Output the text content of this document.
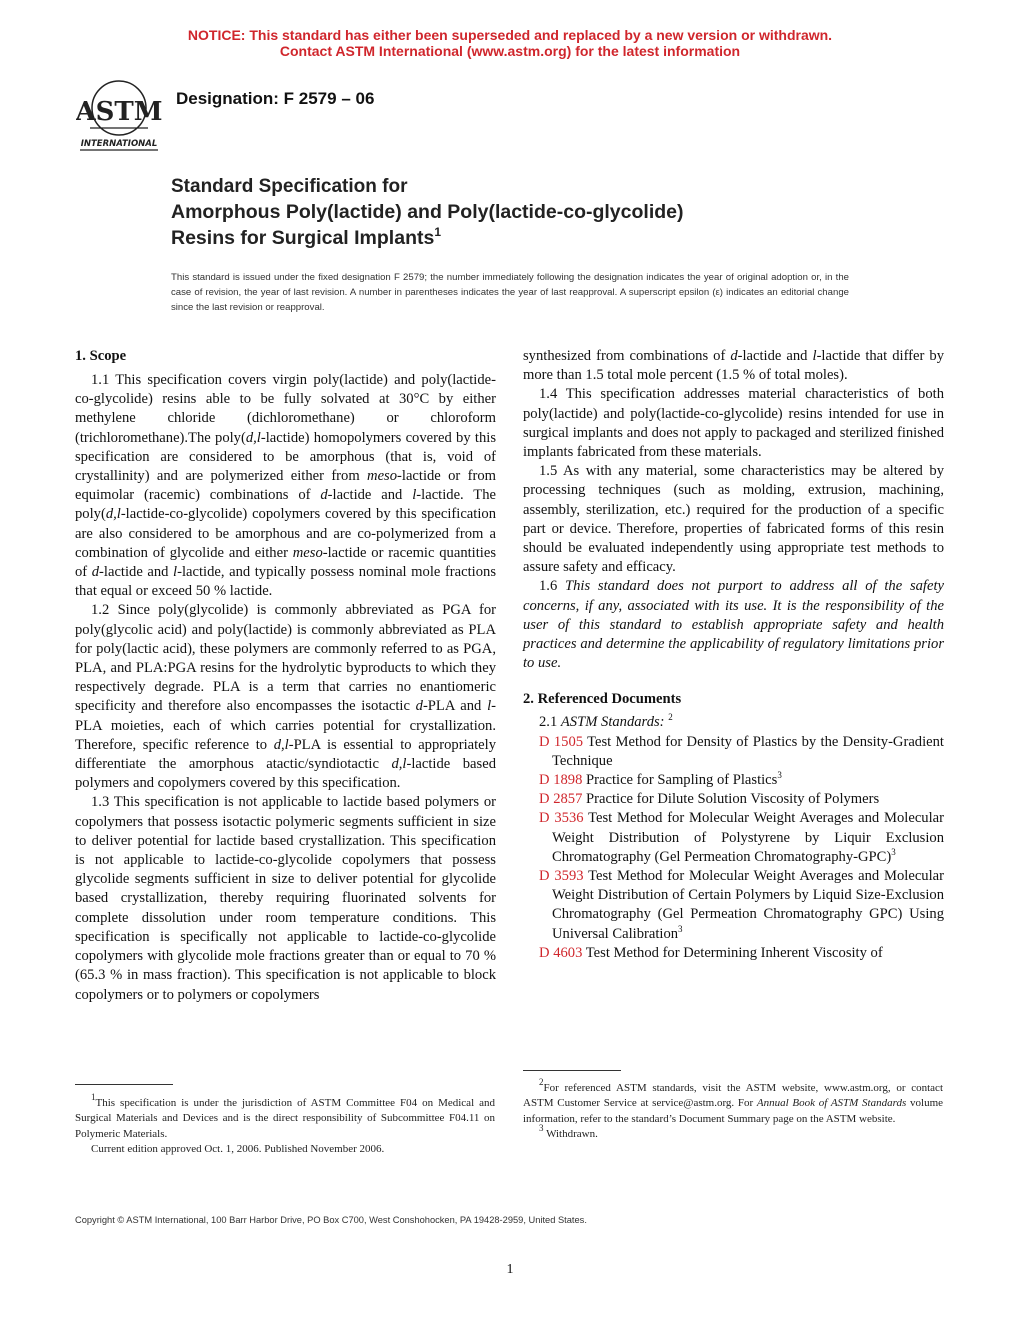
NOTICE: This standard has either been superseded and replaced by a new version or withdrawn.
Contact ASTM International (www.astm.org) for the latest information
ASTM
INTERNATIONAL
Designation: F 2579 – 06
Standard Specification for
Amorphous Poly(lactide) and Poly(lactide-co-glycolide)
Resins for Surgical Implants$^1$
This standard is issued under the fixed designation F 2579; the number immediately following the designation indicates the year of original adoption or, in the case of revision, the year of last revision. A number in parentheses indicates the year of last reapproval. A superscript epsilon (ε) indicates an editorial change since the last revision or reapproval.
1. Scope

1.1 This specification covers virgin poly(lactide) and poly(lactide-co-glycolide) resins able to be fully solvated at 30°C by either methylene chloride (dichloromethane) or chloroform (trichloromethane).The poly(d,l-lactide) homopolymers covered by this specification are considered to be amorphous (that is, void of crystallinity) and are polymerized either from meso-lactide or from equimolar (racemic) combinations of d-lactide and l-lactide. The poly(d,l-lactide-co-glycolide) copolymers covered by this specification are also considered to be amorphous and are co-polymerized from a combination of glycolide and either meso-lactide or racemic quantities of d-lactide and l-lactide, and typically possess nominal mole fractions that equal or exceed 50 % lactide.

1.2 Since poly(glycolide) is commonly abbreviated as PGA for poly(glycolic acid) and poly(lactide) is commonly abbreviated as PLA for poly(lactic acid), these polymers are commonly referred to as PGA, PLA, and PLA:PGA resins for the hydrolytic byproducts to which they respectively degrade. PLA is a term that carries no enantiomeric specificity and therefore also encompasses the isotactic d-PLA and l-PLA moieties, each of which carries potential for crystallization. Therefore, specific reference to d,l-PLA is essential to appropriately differentiate the amorphous atactic/syndiotactic d,l-lactide based polymers and copolymers covered by this specification.

1.3 This specification is not applicable to lactide based polymers or copolymers that possess isotactic polymeric segments sufficient in size to deliver potential for lactide based crystallization. This specification is not applicable to lactide-co-glycolide copolymers that possess glycolide segments sufficient in size to deliver potential for glycolide based crystallization, thereby requiring fluorinated solvents for complete dissolution under room temperature conditions. This specification is specifically not applicable to lactide-co-glycolide copolymers with glycolide mole fractions greater than or equal to 70 % (65.3 % in mass fraction). This specification is not applicable to block copolymers or to polymers or copolymers

synthesized from combinations of d-lactide and l-lactide that differ by more than 1.5 total mole percent (1.5 % of total moles).

1.4 This specification addresses material characteristics of both poly(lactide) and poly(lactide-co-glycolide) resins intended for use in surgical implants and does not apply to packaged and sterilized finished implants fabricated from these materials.

1.5 As with any material, some characteristics may be altered by processing techniques (such as molding, extrusion, machining, assembly, sterilization, etc.) required for the production of a specific part or device. Therefore, properties of fabricated forms of this resin should be evaluated independently using appropriate test methods to assure safety and efficacy.

1.6 This standard does not purport to address all of the safety concerns, if any, associated with its use. It is the responsibility of the user of this standard to establish appropriate safety and health practices and determine the applicability of regulatory limitations prior to use.

2. Referenced Documents

2.1 ASTM Standards: $^2$

D 1505 Test Method for Density of Plastics by the Density-Gradient Technique

D 1898 Practice for Sampling of Plastics$^3$

D 2857 Practice for Dilute Solution Viscosity of Polymers

D 3536 Test Method for Molecular Weight Averages and Molecular Weight Distribution of Polystyrene by Liquir Exclusion Chromatography (Gel Permeation Chromatography-GPC)$^3$

D 3593 Test Method for Molecular Weight Averages and Molecular Weight Distribution of Certain Polymers by Liquid Size-Exclusion Chromatography (Gel Permeation Chromatography GPC) Using Universal Calibration$^3$

D 4603 Test Method for Determining Inherent Viscosity of

$^1$This specification is under the jurisdiction of ASTM Committee F04 on Medical and Surgical Materials and Devices and is the direct responsibility of Subcommittee F04.11 on Polymeric Materials.

Current edition approved Oct. 1, 2006. Published November 2006.

$^2$For referenced ASTM standards, visit the ASTM website, www.astm.org, or contact ASTM Customer Service at service@astm.org. For Annual Book of ASTM Standards volume information, refer to the standard’s Document Summary page on the ASTM website.

$^3$ Withdrawn.

Copyright © ASTM International, 100 Barr Harbor Drive, PO Box C700, West Conshohocken, PA 19428-2959, United States.
1
